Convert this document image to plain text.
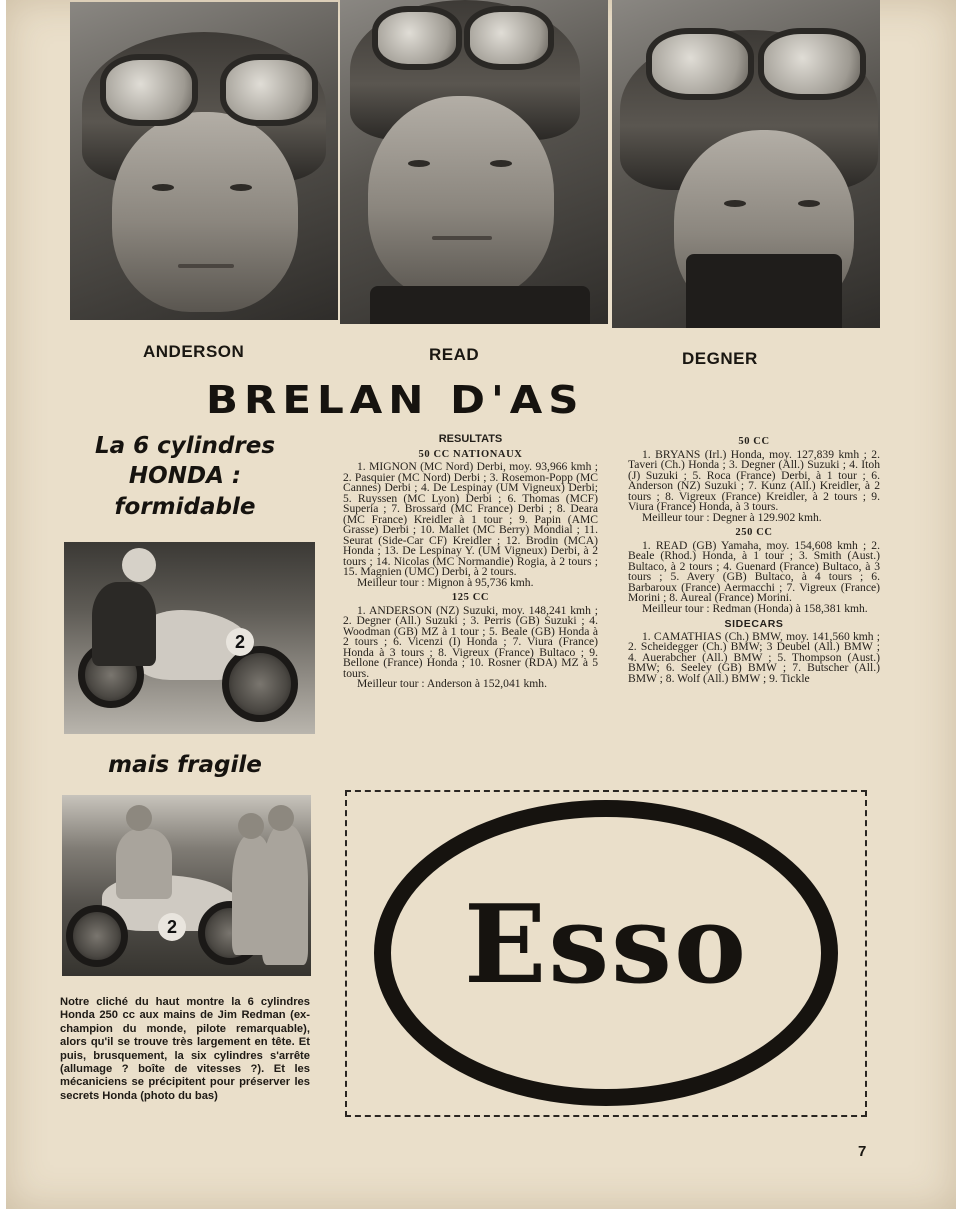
ANDERSON	READ	DEGNER
BRELAN D'AS
La 6 cylindres
HONDA :
formidable
2
mais fragile
2
Notre cliché du haut montre la 6 cylindres Honda 250 cc aux mains de Jim Redman (ex-champion du monde, pilote remarquable), alors qu'il se trouve très largement en tête. Et puis, brusquement, la six cylindres s'arrête (allumage ? boîte de vitesses ?). Et les mécaniciens se précipitent pour préserver les secrets Honda (photo du bas)
RESULTATS
50 CC NATIONAUX

1. MIGNON (MC Nord) Derbi, moy. 93,966 kmh ; 2. Pasquier (MC Nord) Derbi ; 3. Rosemon-Popp (MC Cannes) Derbi ; 4. De Lespinay (UM Vigneux) Derbi; 5. Ruyssen (MC Lyon) Derbi ; 6. Thomas (MCF) Superia ; 7. Brossard (MC France) Derbi ; 8. Deara (MC France) Kreidler à 1 tour ; 9. Papin (AMC Grasse) Derbi ; 10. Mallet (MC Berry) Mondial ; 11. Seurat (Side-Car CF) Kreidler ; 12. Brodin (MCA) Honda ; 13. De Lespinay Y. (UM Vigneux) Derbi, à 2 tours ; 14. Nicolas (MC Normandie) Rogia, à 2 tours ; 15. Magnien (UMC) Derbi, à 2 tours.

Meilleur tour : Mignon à 95,736 kmh.

125 CC

1. ANDERSON (NZ) Suzuki, moy. 148,241 kmh ; 2. Degner (All.) Suzuki ; 3. Perris (GB) Suzuki ; 4. Woodman (GB) MZ à 1 tour ; 5. Beale (GB) Honda à 2 tours ; 6. Vicenzi (I) Honda ; 7. Viura (France) Honda à 3 tours ; 8. Vigreux (France) Bultaco ; 9. Bellone (France) Honda ; 10. Rosner (RDA) MZ à 5 tours.

Meilleur tour : Anderson à 152,041 kmh.

50 CC

1. BRYANS (Irl.) Honda, moy. 127,839 kmh ; 2. Taveri (Ch.) Honda ; 3. Degner (All.) Suzuki ; 4. Itoh (J) Suzuki ; 5. Roca (France) Derbi, à 1 tour ; 6. Anderson (NZ) Suzuki ; 7. Kunz (All.) Kreidler, à 2 tours ; 8. Vigreux (France) Kreidler, à 2 tours ; 9. Viura (France) Honda, à 3 tours.

Meilleur tour : Degner à 129.902 kmh.

250 CC

1. READ (GB) Yamaha, moy. 154,608 kmh ; 2. Beale (Rhod.) Honda, à 1 tour ; 3. Smith (Aust.) Bultaco, à 2 tours ; 4. Guenard (France) Bultaco, à 3 tours ; 5. Avery (GB) Bultaco, à 4 tours ; 6. Barbaroux (France) Aermacchi ; 7. Vigreux (France) Morini ; 8. Aureal (France) Morini.

Meilleur tour : Redman (Honda) à 158,381 kmh.

SIDECARS

1. CAMATHIAS (Ch.) BMW, moy. 141,560 kmh ; 2. Scheidegger (Ch.) BMW; 3 Deubel (All.) BMW ; 4. Auerabcher (All.) BMW ; 5. Thompson (Aust.) BMW; 6. Seeley (GB) BMW ; 7. Butscher (All.) BMW ; 8. Wolf (All.) BMW ; 9. Tickle

Esso
7
